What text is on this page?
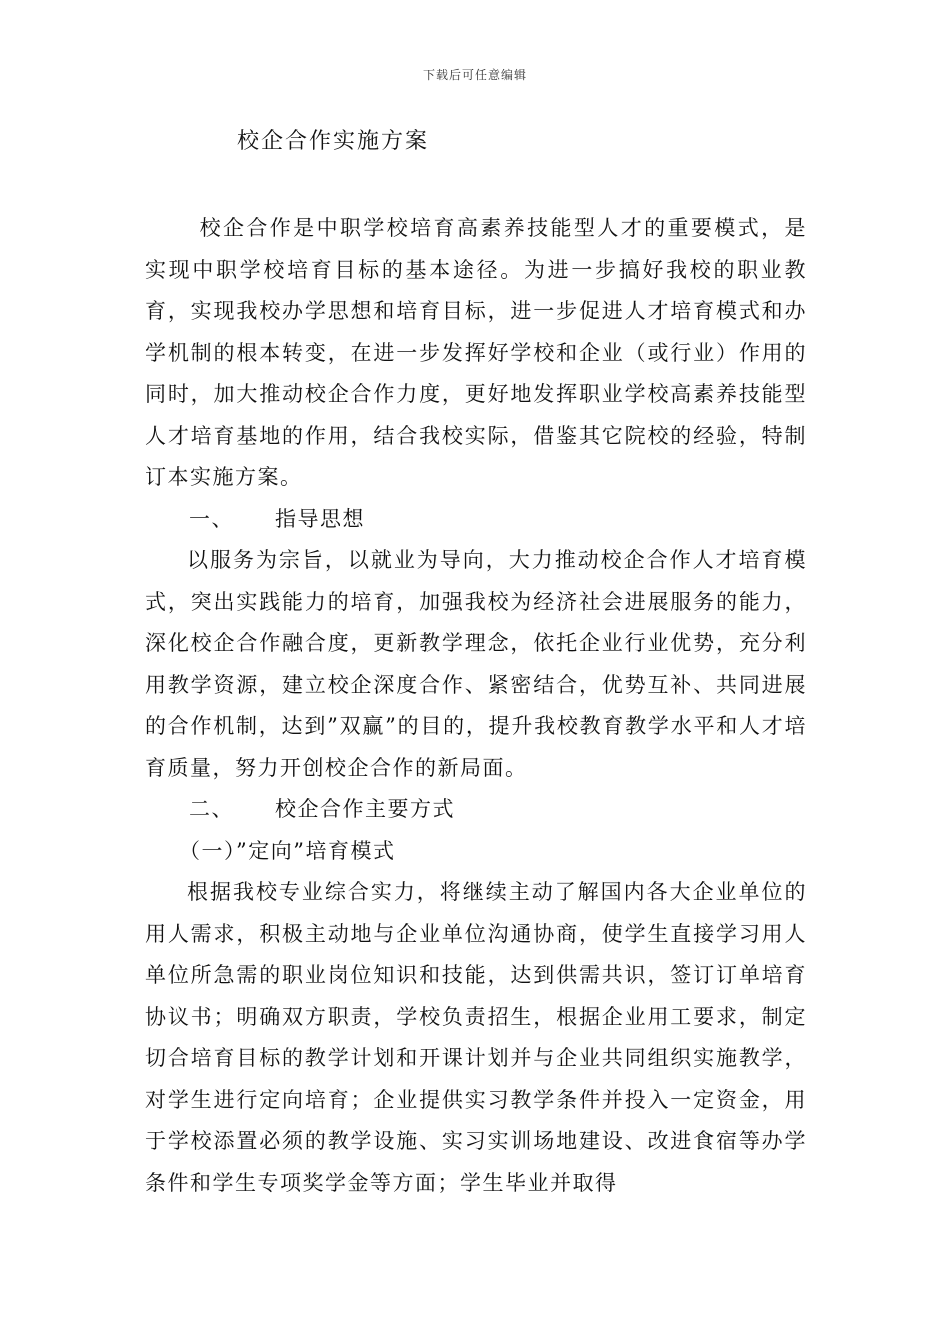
下载后可任意编辑
校企合作实施方案

校企合作是中职学校培育高素养技能型人才的重要模式，是实现中职学校培育目标的基本途径。为进一步搞好我校的职业教育，实现我校办学思想和培育目标，进一步促进人才培育模式和办学机制的根本转变，在进一步发挥好学校和企业（或行业）作用的同时，加大推动校企合作力度，更好地发挥职业学校高素养技能型人才培育基地的作用，结合我校实际，借鉴其它院校的经验，特制订本实施方案。

一、 指导思想

以服务为宗旨，以就业为导向，大力推动校企合作人才培育模式，突出实践能力的培育，加强我校为经济社会进展服务的能力，深化校企合作融合度，更新教学理念，依托企业行业优势，充分利用教学资源，建立校企深度合作、紧密结合，优势互补、共同进展的合作机制，达到”双赢”的目的，提升我校教育教学水平和人才培育质量，努力开创校企合作的新局面。

二、 校企合作主要方式

（一）”定向”培育模式

根据我校专业综合实力，将继续主动了解国内各大企业单位的用人需求，积极主动地与企业单位沟通协商，使学生直接学习用人单位所急需的职业岗位知识和技能，达到供需共识，签订订单培育协议书；明确双方职责，学校负责招生，根据企业用工要求，制定切合培育目标的教学计划和开课计划并与企业共同组织实施教学，对学生进行定向培育；企业提供实习教学条件并投入一定资金，用于学校添置必须的教学设施、实习实训场地建设、改进食宿等办学条件和学生专项奖学金等方面；学生毕业并取得
